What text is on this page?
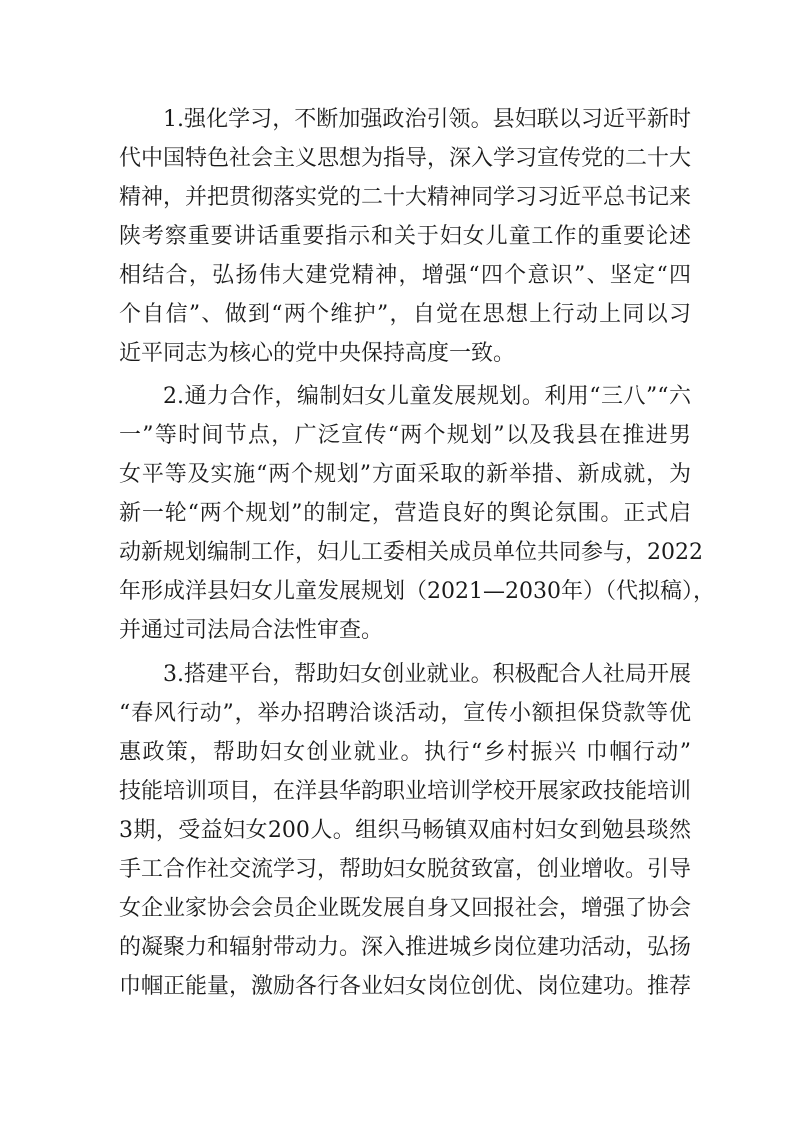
1.强化学习，不断加强政治引领。县妇联以习近平新时
代中国特色社会主义思想为指导，深入学习宣传党的二十大
精神，并把贯彻落实党的二十大精神同学习习近平总书记来
陕考察重要讲话重要指示和关于妇女儿童工作的重要论述
相结合，弘扬伟大建党精神，增强“四个意识”、坚定“四
个自信”、做到“两个维护”，自觉在思想上行动上同以习
近平同志为核心的党中央保持高度一致。
2.通力合作，编制妇女儿童发展规划。利用“三八”“六
一”等时间节点，广泛宣传“两个规划”以及我县在推进男
女平等及实施“两个规划”方面采取的新举措、新成就，为
新一轮“两个规划”的制定，营造良好的舆论氛围。正式启
动新规划编制工作，妇儿工委相关成员单位共同参与，2022
年形成洋县妇女儿童发展规划（2021—2030年）（代拟稿），
并通过司法局合法性审查。
3.搭建平台，帮助妇女创业就业。积极配合人社局开展
“春风行动”，举办招聘洽谈活动，宣传小额担保贷款等优
惠政策，帮助妇女创业就业。执行“乡村振兴 巾帼行动”
技能培训项目，在洋县华韵职业培训学校开展家政技能培训
3期，受益妇女200人。组织马畅镇双庙村妇女到勉县琰然
手工合作社交流学习，帮助妇女脱贫致富，创业增收。引导
女企业家协会会员企业既发展自身又回报社会，增强了协会
的凝聚力和辐射带动力。深入推进城乡岗位建功活动，弘扬
巾帼正能量，激励各行各业妇女岗位创优、岗位建功。推荐
